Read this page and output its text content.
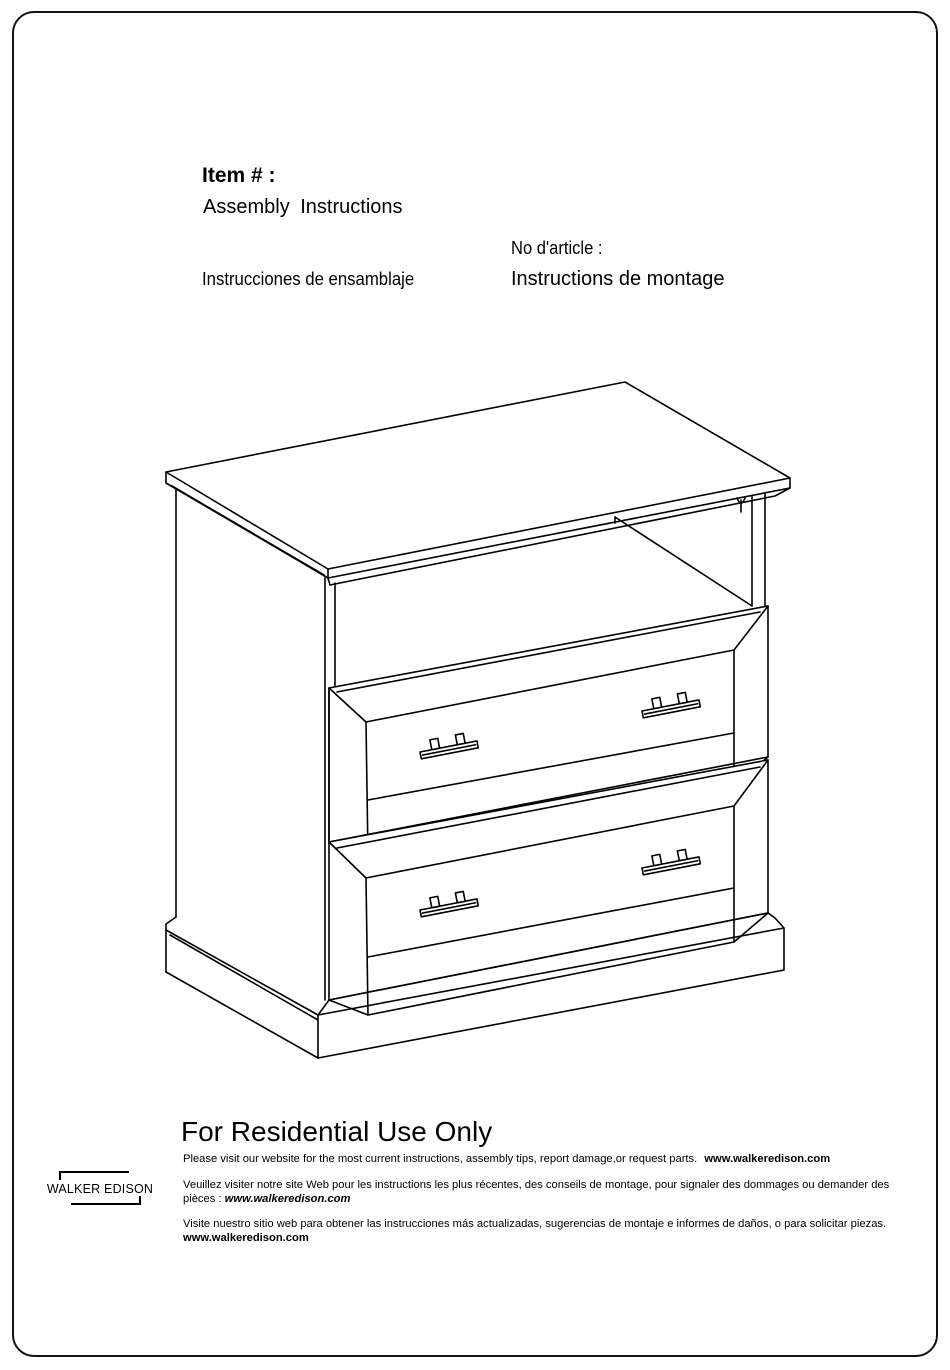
Item # :
Assembly Instructions
No d'article :
Instrucciones de ensamblaje	Instructions de montage
For Residential Use Only
Please visit our website for the most current instructions, assembly tips, report damage,or request parts. www.walkeredison.com
Veuillez visiter notre site Web pour les instructions les plus récentes, des conseils de montage, pour signaler des dommages ou demander des pièces : www.walkeredison.com
Visite nuestro sitio web para obtener las instrucciones más actualizadas, sugerencias de montaje e informes de daños, o para solicitar piezas. www.walkeredison.com
WALKER EDISON
